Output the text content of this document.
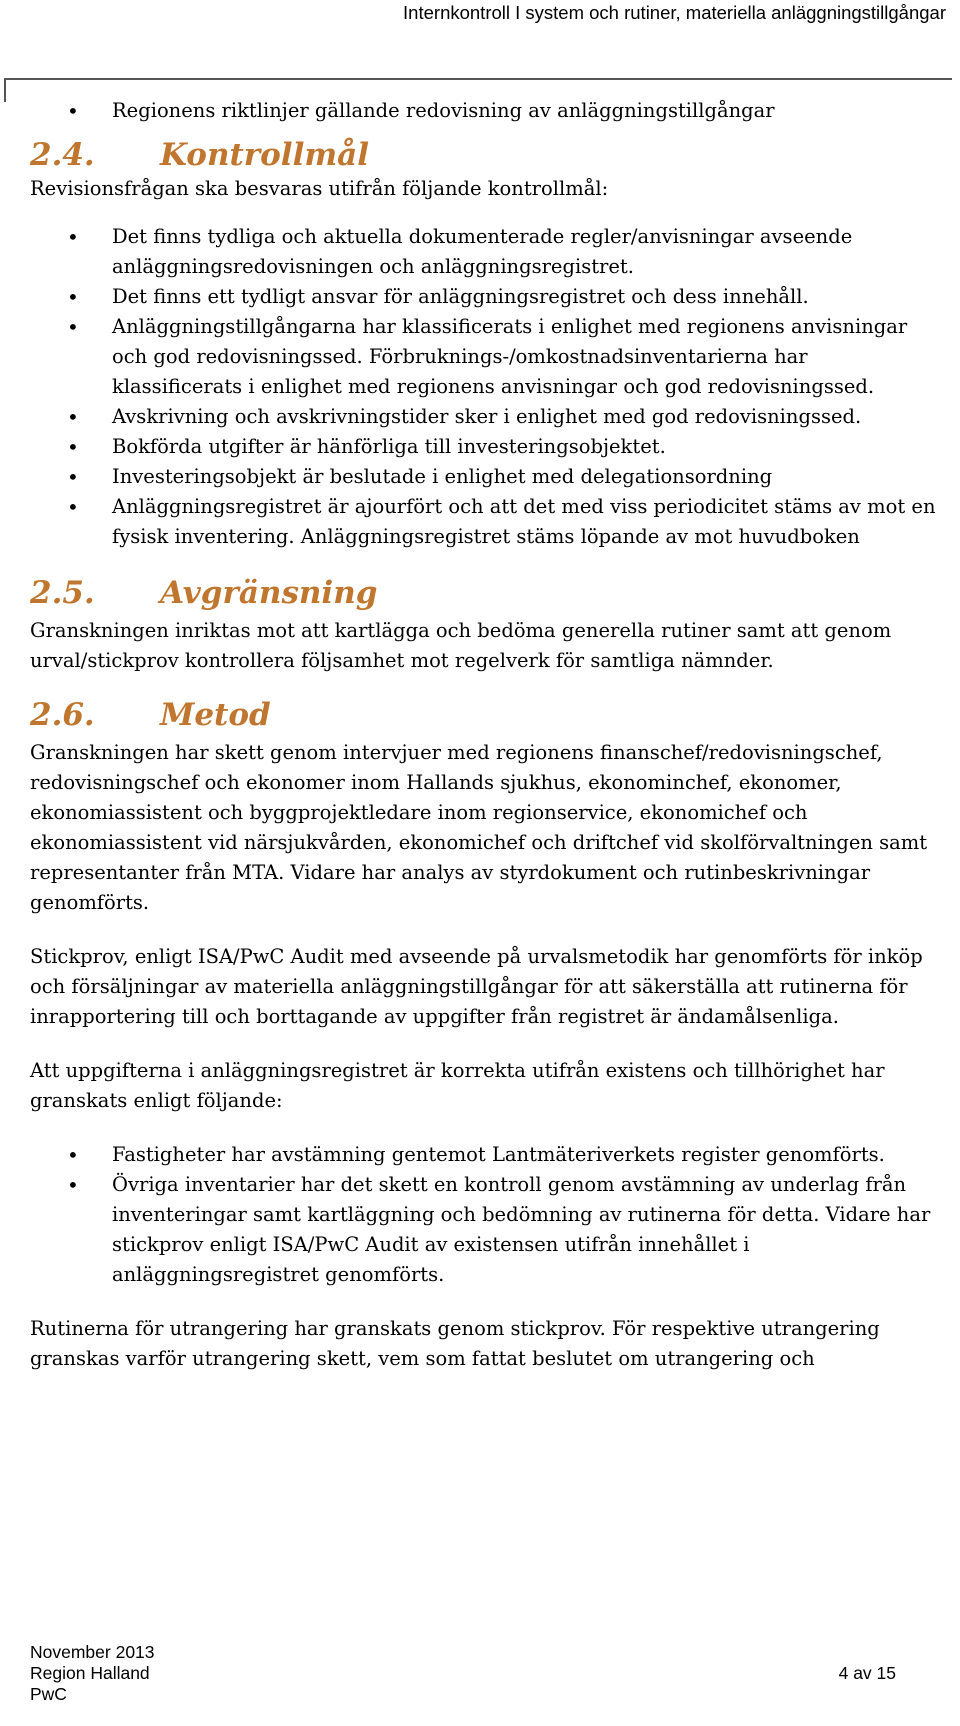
Internkontroll I system och rutiner, materiella anläggningstillgångar
• Regionens riktlinjer gällande redovisning av anläggningstillgångar
2.4.	Kontrollmål

Revisionsfrågan ska besvaras utifrån följande kontrollmål:

• Det finns tydliga och aktuella dokumenterade regler/anvisningar avseende anläggningsredovisningen och anläggningsregistret.
• Det finns ett tydligt ansvar för anläggningsregistret och dess innehåll.
• Anläggningstillgångarna har klassificerats i enlighet med regionens anvisningar och god redovisningssed. Förbruknings-/omkostnadsinventarierna har klassificerats i enlighet med regionens anvisningar och god redovisningssed.
• Avskrivning och avskrivningstider sker i enlighet med god redovisningssed.
• Bokförda utgifter är hänförliga till investeringsobjektet.
• Investeringsobjekt är beslutade i enlighet med delegationsordning
• Anläggningsregistret är ajourfört och att det med viss periodicitet stäms av mot en fysisk inventering. Anläggningsregistret stäms löpande av mot huvudboken
2.5.	Avgränsning

Granskningen inriktas mot att kartlägga och bedöma generella rutiner samt att genom urval/stickprov kontrollera följsamhet mot regelverk för samtliga nämnder.

2.6.	Metod

Granskningen har skett genom intervjuer med regionens finanschef/redovisningschef, redovisningschef och ekonomer inom Hallands sjukhus, ekonominchef, ekonomer, ekonomiassistent och byggprojektledare inom regionservice, ekonomichef och ekonomiassistent vid närsjukvården, ekonomichef och driftchef vid skolförvaltningen samt representanter från MTA. Vidare har analys av styrdokument och rutinbeskrivningar genomförts.

Stickprov, enligt ISA/PwC Audit med avseende på urvalsmetodik har genomförts för inköp och försäljningar av materiella anläggningstillgångar för att säkerställa att rutinerna för inrapportering till och borttagande av uppgifter från registret är ändamålsenliga.

Att uppgifterna i anläggningsregistret är korrekta utifrån existens och tillhörighet har granskats enligt följande:

• Fastigheter har avstämning gentemot Lantmäteriverkets register genomförts.
• Övriga inventarier har det skett en kontroll genom avstämning av underlag från inventeringar samt kartläggning och bedömning av rutinerna för detta. Vidare har stickprov enligt ISA/PwC Audit av existensen utifrån innehållet i anläggningsregistret genomförts.

Rutinerna för utrangering har granskats genom stickprov. För respektive utrangering granskas varför utrangering skett, vem som fattat beslutet om utrangering och

November 2013
Region Halland
PwC
4 av 15
